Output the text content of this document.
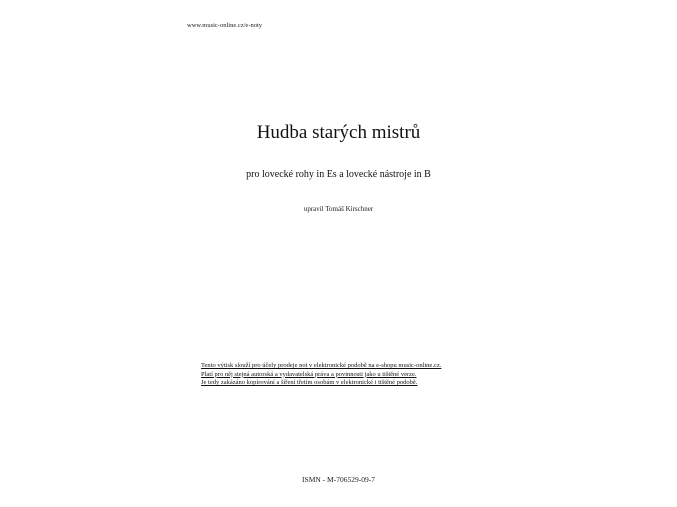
www.music-online.cz/e-noty
Hudba starých mistrů
pro lovecké rohy in Es a lovecké nástroje in B
upravil Tomáš Kirschner
Tento výtisk slouží pro účely prodeje not v elektronické podobě na e-shopu music-online.cz.
Platí pro něj stejná autorská a vydavatelská práva a povinnosti jako u tištěné verze.
Je tedy zakázáno kopírování a šíření třetím osobám v elektronické i tištěné podobě.
ISMN - M-706529-09-7
